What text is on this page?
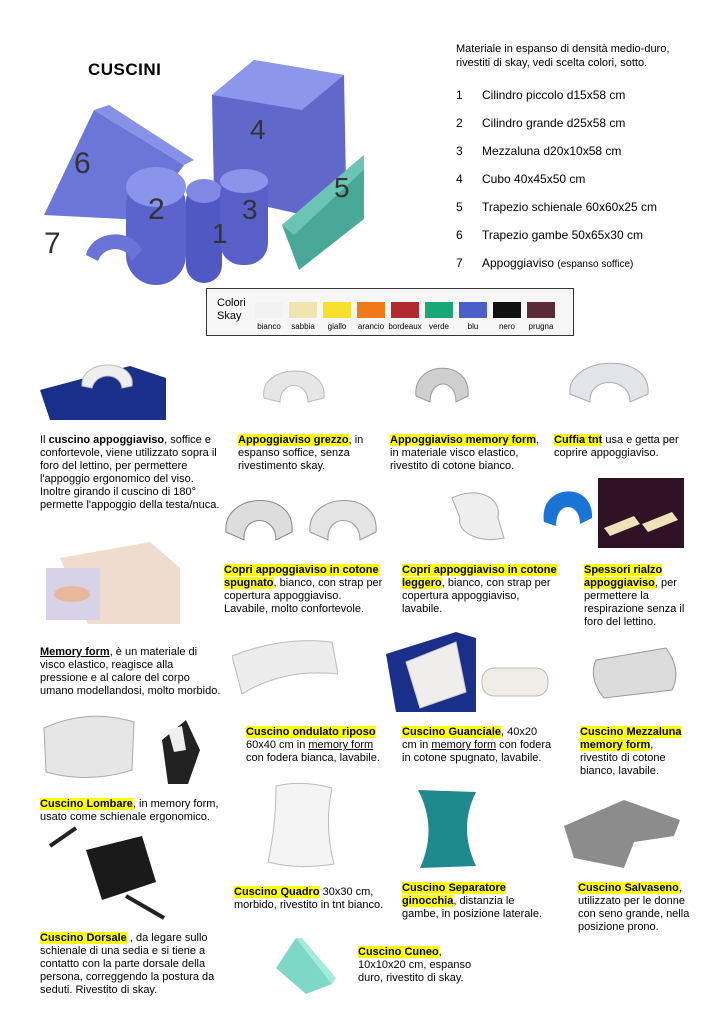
CUSCINI
6
4
5
2	3
1
7
Materiale in espanso di densità medio-duro, rivestiti di skay, vedi scelta colori, sotto.
1 Cilindro piccolo d15x58 cm
2 Cilindro grande d25x58 cm
3 Mezzaluna d20x10x58 cm
4 Cubo 40x45x50 cm
5 Trapezio schienale 60x60x25 cm
6 Trapezio gambe 50x65x30 cm
7 Appoggiaviso (espanso soffice)
Colori
Skay
bianco	sabbia	giallo	arancio bordeaux verde	blu	nero	prugna
Il cuscino appoggiaviso, soffice e confortevole, viene utilizzato sopra il foro del lettino, per permettere l'appoggio ergonomico del viso. Inoltre girando il cuscino di 180° permette l'appoggio della testa/nuca.
Appoggiaviso grezzo, in espanso soffice, senza rivestimento skay.
Appoggiaviso memory form, in materiale visco elastico, rivestito di cotone bianco.
Cuffia tnt usa e getta per coprire appoggiaviso.
Copri appoggiaviso in cotone spugnato, bianco, con strap per copertura appoggiaviso. Lavabile, molto confortevole.
Copri appoggiaviso in cotone leggero, bianco, con strap per copertura appoggiaviso, lavabile.
Spessori rialzo appoggiaviso, per permettere la respirazione senza il foro del lettino.
Memory form, è un materiale di visco elastico, reagisce alla pressione e al calore del corpo umano modellandosi, molto morbido.
Cuscino ondulato riposo
60x40 cm in memory form con fodera bianca, lavabile.
Cuscino Guanciale, 40x20 cm in memory form con fodera in cotone spugnato, lavabile.
Cuscino Mezzaluna memory form, rivestito di cotone bianco, lavabile.
Cuscino Lombare, in memory form, usato come schienale ergonomico.
Cuscino Quadro 30x30 cm, morbido, rivestito in tnt bianco.
Cuscino Separatore ginocchia, distanzia le gambe, in posizione laterale.
Cuscino Salvaseno, utilizzato per le donne con seno grande, nella posizione prono.
Cuscino Dorsale , da legare sullo schienale di una sedia e si tiene a contatto con la parte dorsale della persona, correggendo la postura da seduti. Rivestito di skay.
Cuscino Cuneo, 10x10x20 cm, espanso duro, rivestito di skay.
